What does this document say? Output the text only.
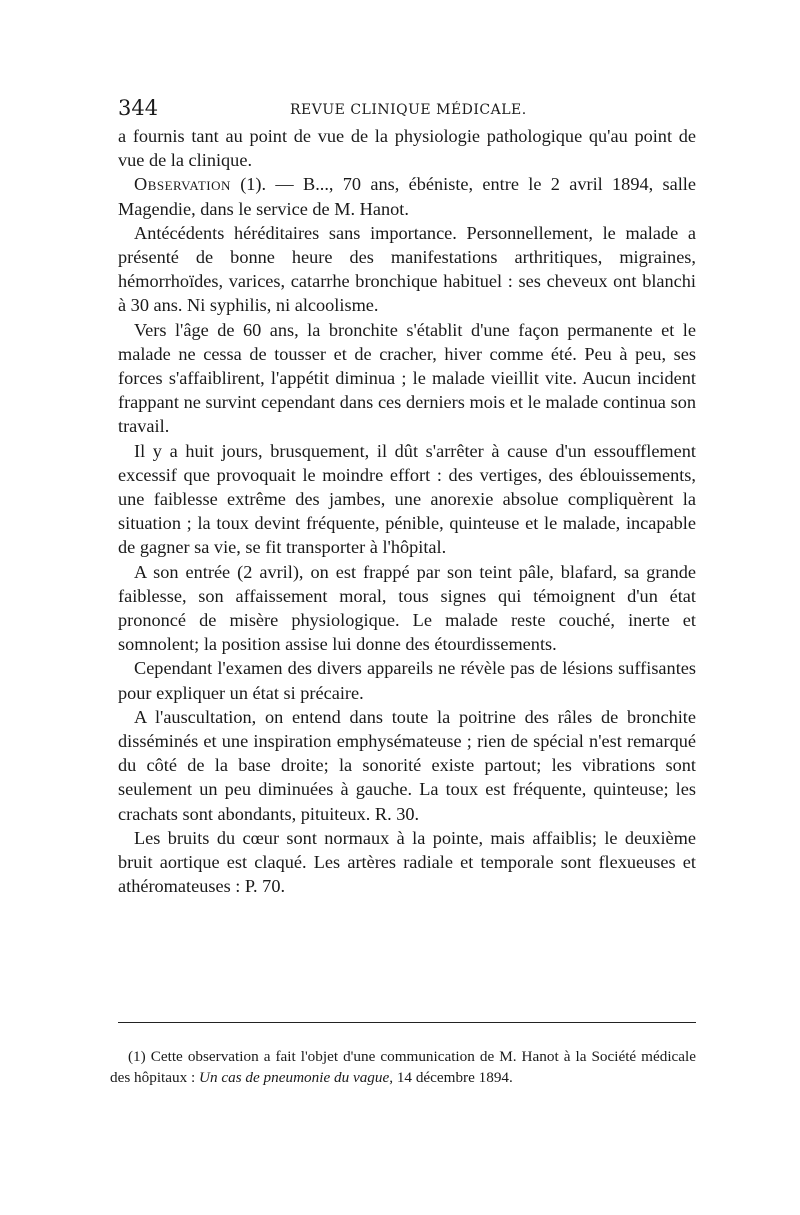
344	REVUE CLINIQUE MÉDICALE.

a fournis tant au point de vue de la physiologie pathologique qu'au point de vue de la clinique.

Observation (1). — B..., 70 ans, ébéniste, entre le 2 avril 1894, salle Magendie, dans le service de M. Hanot.

Antécédents héréditaires sans importance. Personnellement, le malade a présenté de bonne heure des manifestations arthritiques, migraines, hémorrhoïdes, varices, catarrhe bronchique habituel : ses cheveux ont blanchi à 30 ans. Ni syphilis, ni alcoolisme.

Vers l'âge de 60 ans, la bronchite s'établit d'une façon permanente et le malade ne cessa de tousser et de cracher, hiver comme été. Peu à peu, ses forces s'affaiblirent, l'appétit diminua ; le malade vieillit vite. Aucun incident frappant ne survint cependant dans ces derniers mois et le malade continua son travail.

Il y a huit jours, brusquement, il dût s'arrêter à cause d'un essoufflement excessif que provoquait le moindre effort : des vertiges, des éblouissements, une faiblesse extrême des jambes, une anorexie absolue compliquèrent la situation ; la toux devint fréquente, pénible, quinteuse et le malade, incapable de gagner sa vie, se fit transporter à l'hôpital.

A son entrée (2 avril), on est frappé par son teint pâle, blafard, sa grande faiblesse, son affaissement moral, tous signes qui témoignent d'un état prononcé de misère physiologique. Le malade reste couché, inerte et somnolent; la position assise lui donne des étourdissements.

Cependant l'examen des divers appareils ne révèle pas de lésions suffisantes pour expliquer un état si précaire.

A l'auscultation, on entend dans toute la poitrine des râles de bronchite disséminés et une inspiration emphysémateuse ; rien de spécial n'est remarqué du côté de la base droite; la sonorité existe partout; les vibrations sont seulement un peu diminuées à gauche. La toux est fréquente, quinteuse; les crachats sont abondants, pituiteux. R. 30.

Les bruits du cœur sont normaux à la pointe, mais affaiblis; le deuxième bruit aortique est claqué. Les artères radiale et temporale sont flexueuses et athéromateuses : P. 70.

(1) Cette observation a fait l'objet d'une communication de M. Hanot à la Société médicale des hôpitaux : Un cas de pneumonie du vague, 14 décembre 1894.
